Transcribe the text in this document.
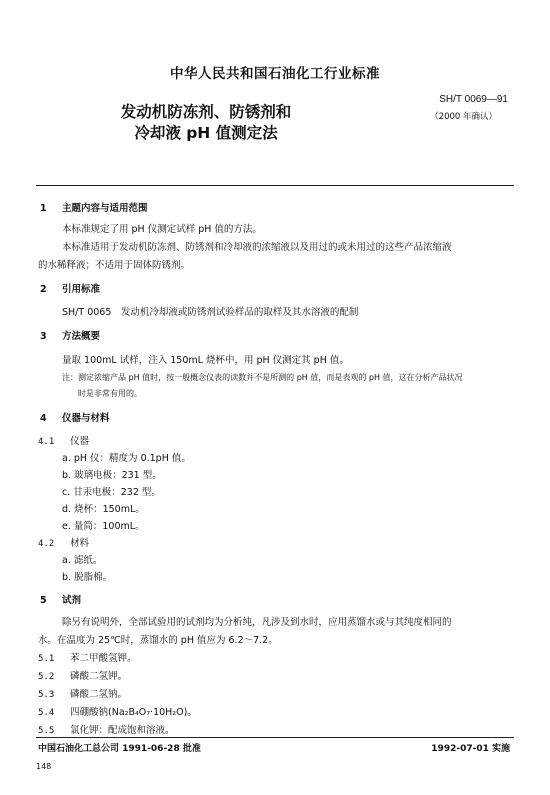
中华人民共和国石油化工行业标准
SH/T 0069—91
（2000 年确认）
发动机防冻剂、防锈剂和
冷却液 pH 值测定法
1 主题内容与适用范围
本标准规定了用 pH 仪测定试样 pH 值的方法。
本标准适用于发动机防冻剂、防锈剂和冷却液的浓缩液以及用过的或未用过的这些产品浓缩液
的水稀释液；不适用于固体防锈剂。
2 引用标准
SH/T 0065　发动机冷却液或防锈剂试验样品的取样及其水溶液的配制
3 方法概要
量取 100mL 试样，注入 150mL 烧杯中，用 pH 仪测定其 pH 值。
注：测定浓缩产品 pH 值时，按一般概念仪表的读数并不是所测的 pH 值，而是表观的 pH 值，这在分析产品状况
时是非常有用的。
4 仪器与材料
4.1 仪器
a. pH 仪：精度为 0.1pH 值。
b. 玻璃电极：231 型。
c. 甘汞电极：232 型。
d. 烧杯：150mL。
e. 量筒：100mL。
4.2 材料
a. 滤纸。
b. 脱脂棉。
5 试剂
除另有说明外，全部试验用的试剂均为分析纯，凡涉及到水时，应用蒸馏水或与其纯度相同的
水。在温度为 25℃时，蒸馏水的 pH 值应为 6.2～7.2。
5.1 苯二甲酸氢钾。
5.2 磷酸二氢钾。
5.3 磷酸二氢钠。
5.4 四硼酸钠(Na₂B₄O₇·10H₂O)。
5.5 氯化钾：配成饱和溶液。
中国石油化工总公司 1991-06-28 批准	1992-07-01 实施
148
